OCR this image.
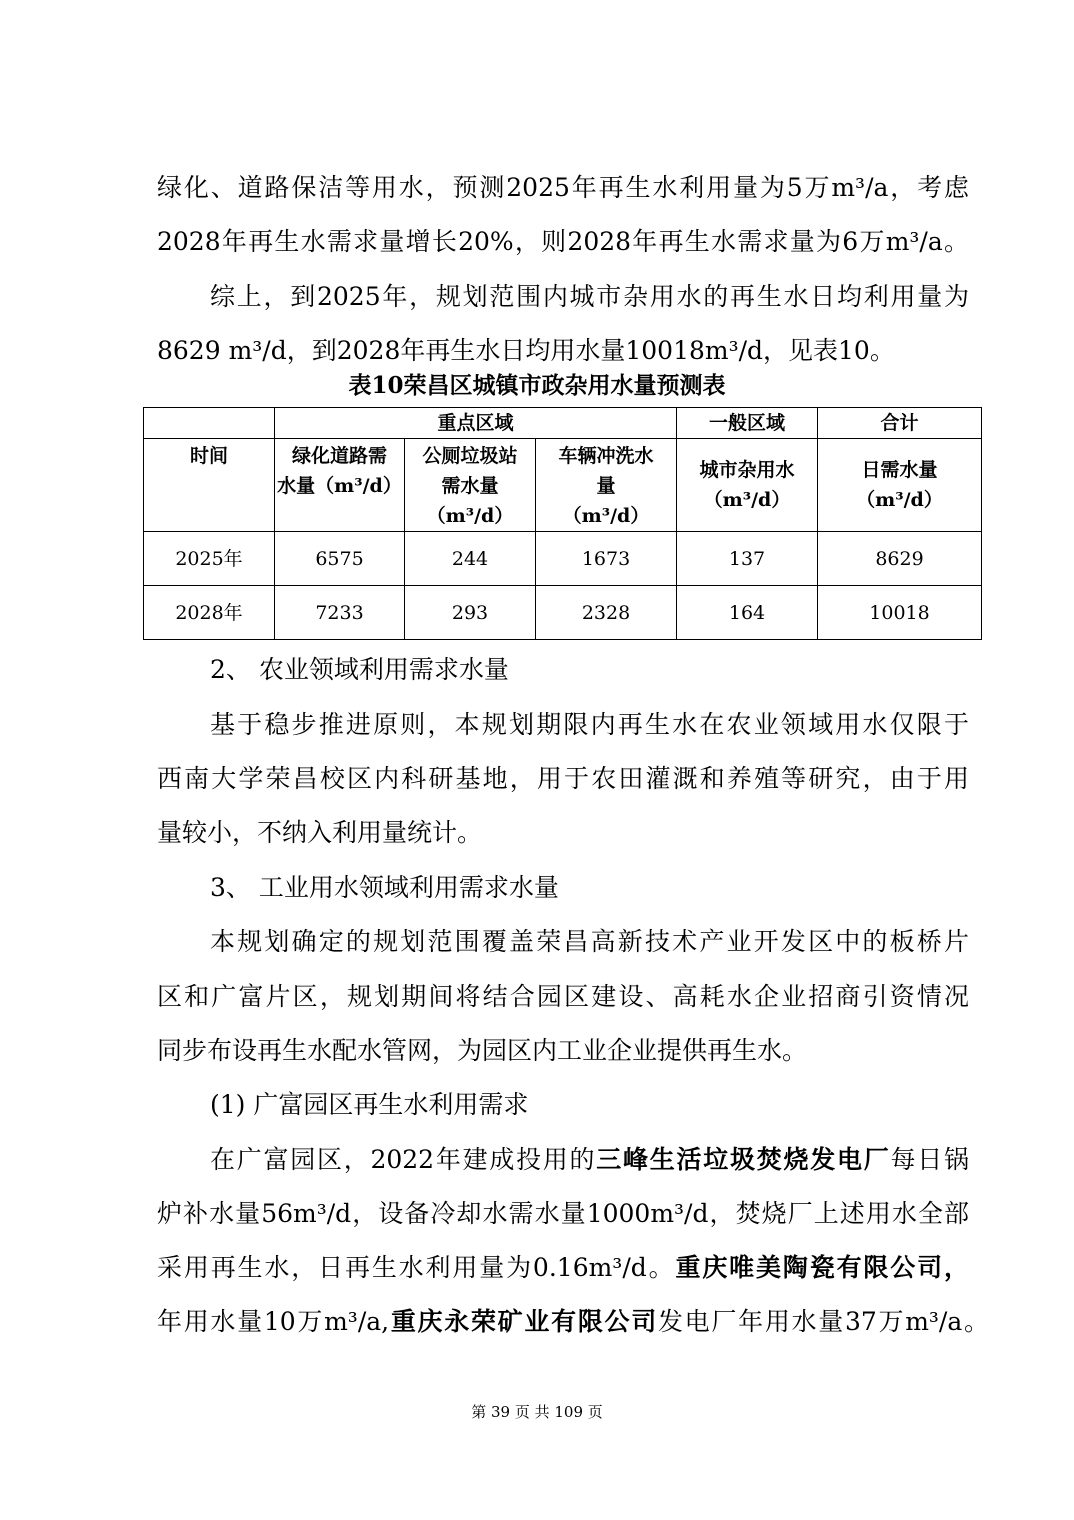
绿化、道路保洁等用水，预测2025年再生水利用量为5万m³/a，考虑
2028年再生水需求量增长20%，则2028年再生水需求量为6万m³/a。
综上，到2025年，规划范围内城市杂用水的再生水日均利用量为
8629 m³/d，到2028年再生水日均用水量10018m³/d，见表10。
表10荣昌区城镇市政杂用水量预测表
	重点区域			一般区域	合计
时间	绿化道路需
水量（m³/d）	公厕垃圾站
需水量
（m³/d）	车辆冲洗水
量
（m³/d）	城市杂用水
（m³/d）	日需水量
（m³/d）

2025年	6575	244	1673	137	8629
2028年	7233	293	2328	164	10018
2、 农业领域利用需求水量
基于稳步推进原则，本规划期限内再生水在农业领域用水仅限于
西南大学荣昌校区内科研基地，用于农田灌溉和养殖等研究，由于用
量较小，不纳入利用量统计。
3、 工业用水领域利用需求水量
本规划确定的规划范围覆盖荣昌高新技术产业开发区中的板桥片
区和广富片区，规划期间将结合园区建设、高耗水企业招商引资情况
同步布设再生水配水管网，为园区内工业企业提供再生水。
(1) 广富园区再生水利用需求
在广富园区，2022年建成投用的三峰生活垃圾焚烧发电厂每日锅
炉补水量56m³/d，设备冷却水需水量1000m³/d，焚烧厂上述用水全部
采用再生水，日再生水利用量为0.16m³/d。重庆唯美陶瓷有限公司，
年用水量10万m³/a,重庆永荣矿业有限公司发电厂年用水量37万m³/a。
第 39 页 共 109 页
